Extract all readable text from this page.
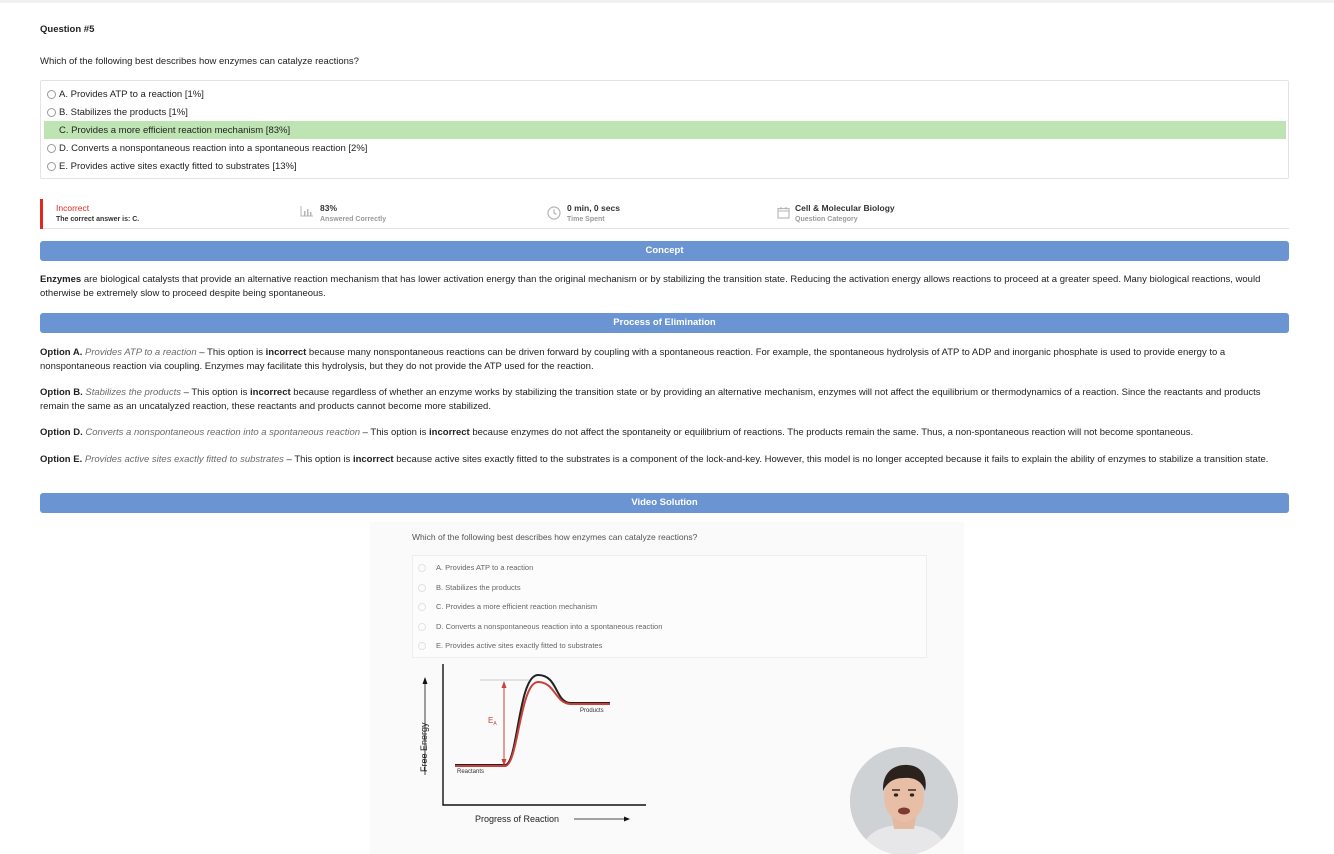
Question #5
Which of the following best describes how enzymes can catalyze reactions?
A. Provides ATP to a reaction [1%]
B. Stabilizes the products [1%]
C. Provides a more efficient reaction mechanism [83%]
D. Converts a nonspontaneous reaction into a spontaneous reaction [2%]
E. Provides active sites exactly fitted to substrates [13%]
Incorrect
The correct answer is: C.
83%
Answered Correctly
0 min, 0 secs
Time Spent
Cell & Molecular Biology
Question Category
Concept
Enzymes are biological catalysts that provide an alternative reaction mechanism that has lower activation energy than the original mechanism or by stabilizing the transition state. Reducing the activation energy allows reactions to proceed at a greater speed. Many biological reactions, would otherwise be extremely slow to proceed despite being spontaneous.
Process of Elimination
Option A. Provides ATP to a reaction – This option is incorrect because many nonspontaneous reactions can be driven forward by coupling with a spontaneous reaction. For example, the spontaneous hydrolysis of ATP to ADP and inorganic phosphate is used to provide energy to a nonspontaneous reaction via coupling. Enzymes may facilitate this hydrolysis, but they do not provide the ATP used for the reaction.
Option B. Stabilizes the products – This option is incorrect because regardless of whether an enzyme works by stabilizing the transition state or by providing an alternative mechanism, enzymes will not affect the equilibrium or thermodynamics of a reaction. Since the reactants and products remain the same as an uncatalyzed reaction, these reactants and products cannot become more stabilized.
Option D. Converts a nonspontaneous reaction into a spontaneous reaction – This option is incorrect because enzymes do not affect the spontaneity or equilibrium of reactions. The products remain the same. Thus, a non-spontaneous reaction will not become spontaneous.
Option E. Provides active sites exactly fitted to substrates – This option is incorrect because active sites exactly fitted to the substrates is a component of the lock-and-key. However, this model is no longer accepted because it fails to explain the ability of enzymes to stabilize a transition state.
Video Solution
Which of the following best describes how enzymes can catalyze reactions?
A. Provides ATP to a reaction
B. Stabilizes the products
C. Provides a more efficient reaction mechanism
D. Converts a nonspontaneous reaction into a spontaneous reaction
E. Provides active sites exactly fitted to substrates
Free Energy
Progress of Reaction
$E_A$
Reactants
Products
